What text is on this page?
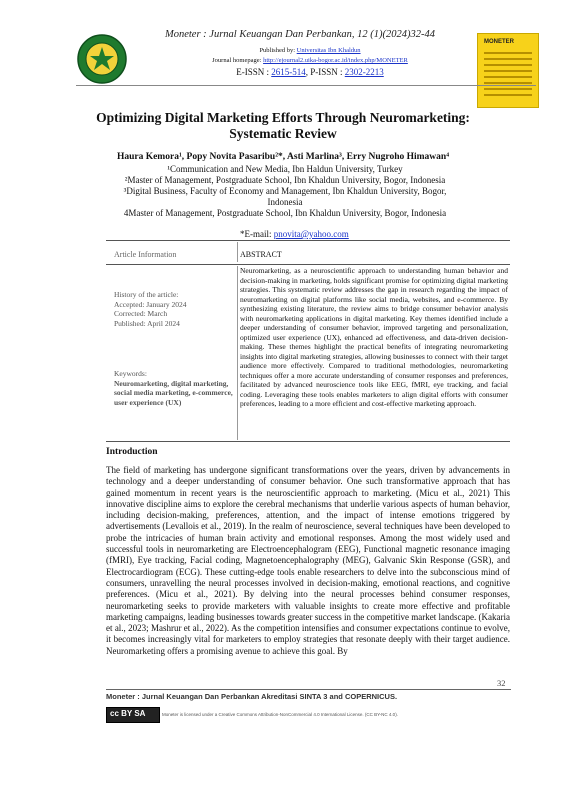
Moneter : Jurnal Keuangan Dan Perbankan, 12 (1)(2024)32-44
Published by: Universitas Ibn Khaldun
Journal homepage: http://ejournal2.uika-bogor.ac.id/index.php/MONETER
E-ISSN : 2615-514, P-ISSN : 2302-2213
MONETER
Optimizing Digital Marketing Efforts Through Neuromarketing: Systematic Review
Haura Kemora¹, Popy Novita Pasaribu²*, Asti Marlina³, Erry Nugroho Himawan⁴
¹Communication and New Media, Ibn Haldun University, Turkey
²Master of Management, Postgraduate School, Ibn Khaldun University, Bogor, Indonesia
³Digital Business, Faculty of Economy and Management, Ibn Khaldun University, Bogor, Indonesia
4Master of Management, Postgraduate School, Ibn Khaldun University, Bogor, Indonesia
*E-mail: pnovita@yahoo.com
Article Information	ABSTRACT
History of the article:
Accepted: January 2024
Corrected: March
Published: April 2024
Keywords:
Neuromarketing, digital marketing, social media marketing, e-commerce, user experience (UX)
Neuromarketing, as a neuroscientific approach to understanding human behavior and decision-making in marketing, holds significant promise for optimizing digital marketing strategies. This systematic review addresses the gap in research regarding the impact of neuromarketing on digital platforms like social media, websites, and e-commerce. By synthesizing existing literature, the review aims to bridge consumer behavior analysis with neuromarketing applications in digital marketing. Key themes identified include a deeper understanding of consumer behavior, improved targeting and personalization, optimized user experience (UX), enhanced ad effectiveness, and data-driven decision-making. These themes highlight the practical benefits of integrating neuromarketing insights into digital marketing strategies, allowing businesses to connect with their target audience more effectively. Compared to traditional methodologies, neuromarketing techniques offer a more accurate understanding of consumer responses and preferences, facilitated by advanced neuroscience tools like EEG, fMRI, eye tracking, and facial coding. Leveraging these tools enables marketers to align digital efforts with consumer preferences, leading to a more efficient and cost-effective marketing approach.
Introduction
The field of marketing has undergone significant transformations over the years, driven by advancements in technology and a deeper understanding of consumer behavior. One such transformative approach that has gained momentum in recent years is the neuroscientific approach to marketing. (Micu et al., 2021) This innovative discipline aims to explore the cerebral mechanisms that underlie various aspects of human behavior, including decision-making, preferences, attention, and the impact of intense emotions triggered by advertisements (Levallois et al., 2019). In the realm of neuroscience, several techniques have been developed to probe the intricacies of human brain activity and emotional responses. Among the most widely used and successful tools in neuromarketing are Electroencephalogram (EEG), Functional magnetic resonance imaging (fMRI), Eye tracking, Facial coding, Magnetoencephalography (MEG), Galvanic Skin Response (GSR), and Electrocardiogram (ECG). These cutting-edge tools enable researchers to delve into the subconscious mind of consumers, unravelling the neural processes involved in decision-making, emotional reactions, and cognitive preferences. (Micu et al., 2021). By delving into the neural processes behind consumer responses, neuromarketing seeks to provide marketers with valuable insights to create more effective and profitable marketing campaigns, leading businesses towards greater success in the competitive market landscape. (Kakaria et al., 2023; Mashrur et al., 2022). As the competition intensifies and consumer expectations continue to evolve, it becomes increasingly vital for marketers to employ strategies that resonate deeply with their target audience. Neuromarketing offers a promising avenue to achieve this goal. By
32
Moneter : Jurnal Keuangan Dan Perbankan Akreditasi SINTA 3 and COPERNICUS.
cc BY SA	Moneter is licensed under a Creative Commons Attribution-NonCommercial 4.0 International License. (CC BY-NC 4.0).
